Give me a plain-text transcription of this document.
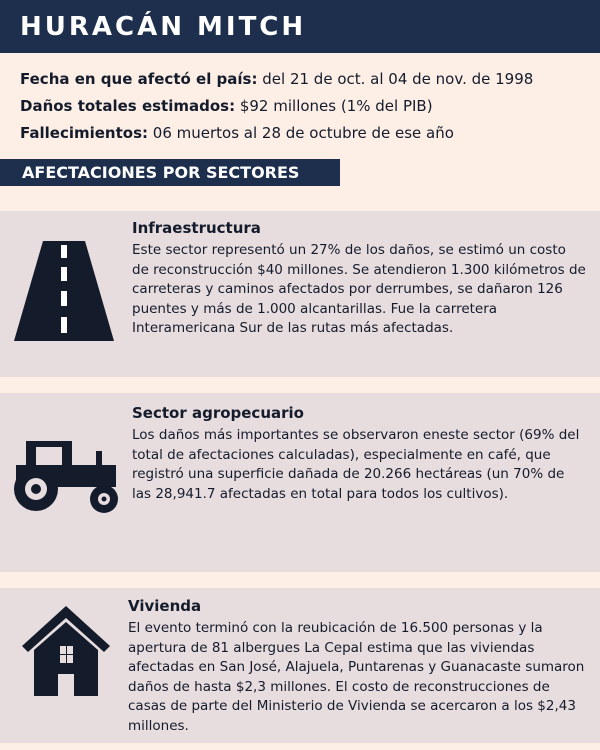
HURACÁN MITCH
Fecha en que afectó el país: del 21 de oct. al 04 de nov. de 1998
Daños totales estimados: $92 millones (1% del PIB)
Fallecimientos: 06 muertos al 28 de octubre de ese año
AFECTACIONES POR SECTORES
Infraestructura
Este sector representó un 27% de los daños, se estimó un costo de reconstrucción $40 millones. Se atendieron 1.300 kilómetros de carreteras y caminos afectados por derrumbes, se dañaron 126 puentes y más de 1.000 alcantarillas. Fue la carretera Interamericana Sur de las rutas más afectadas.
Sector agropecuario
Los daños más importantes se observaron eneste sector (69% del total de afectaciones calculadas), especialmente en café, que registró una superficie dañada de 20.266 hectáreas (un 70% de las 28,941.7 afectadas en total para todos los cultivos).
Vivienda
El evento terminó con la reubicación de 16.500 personas y la apertura de 81 albergues La Cepal estima que las viviendas afectadas en San José, Alajuela, Puntarenas y Guanacaste sumaron daños de hasta $2,3 millones. El costo de reconstrucciones de casas de parte del Ministerio de Vivienda se acercaron a los $2,43 millones.
